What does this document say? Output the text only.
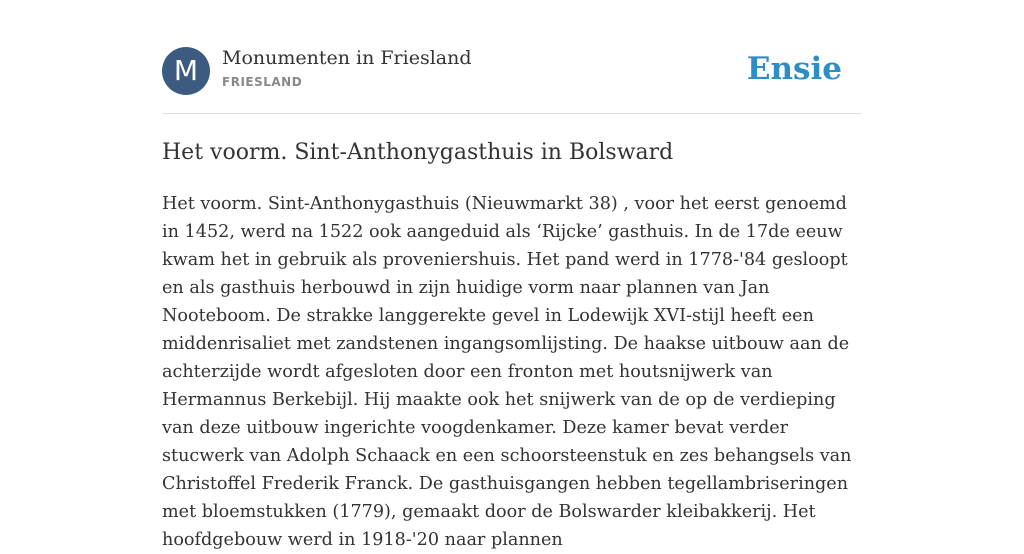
M	Monumenten in Friesland
FRIESLAND	Ensie
Het voorm. Sint-Anthonygasthuis in Bolsward

Het voorm. Sint-Anthonygasthuis (Nieuwmarkt 38) , voor het eerst genoemd in 1452, werd na 1522 ook aangeduid als ‘Rijcke’ gasthuis. In de 17de eeuw kwam het in gebruik als proveniershuis. Het pand werd in 1778-'84 gesloopt en als gasthuis herbouwd in zijn huidige vorm naar plannen van Jan Nooteboom. De strakke langgerekte gevel in Lodewijk XVI-stijl heeft een middenrisaliet met zandstenen ingangsomlijsting. De haakse uitbouw aan de achterzijde wordt afgesloten door een fronton met houtsnijwerk van Hermannus Berkebijl. Hij maakte ook het snijwerk van de op de verdieping van deze uitbouw ingerichte voogdenkamer. Deze kamer bevat verder stucwerk van Adolph Schaack en een schoorsteenstuk en zes behangsels van Christoffel Frederik Franck. De gasthuisgangen hebben tegellambriseringen met bloemstukken (1779), gemaakt door de Bolswarder kleibakkerij. Het hoofdgebouw werd in 1918-'20 naar plannen
